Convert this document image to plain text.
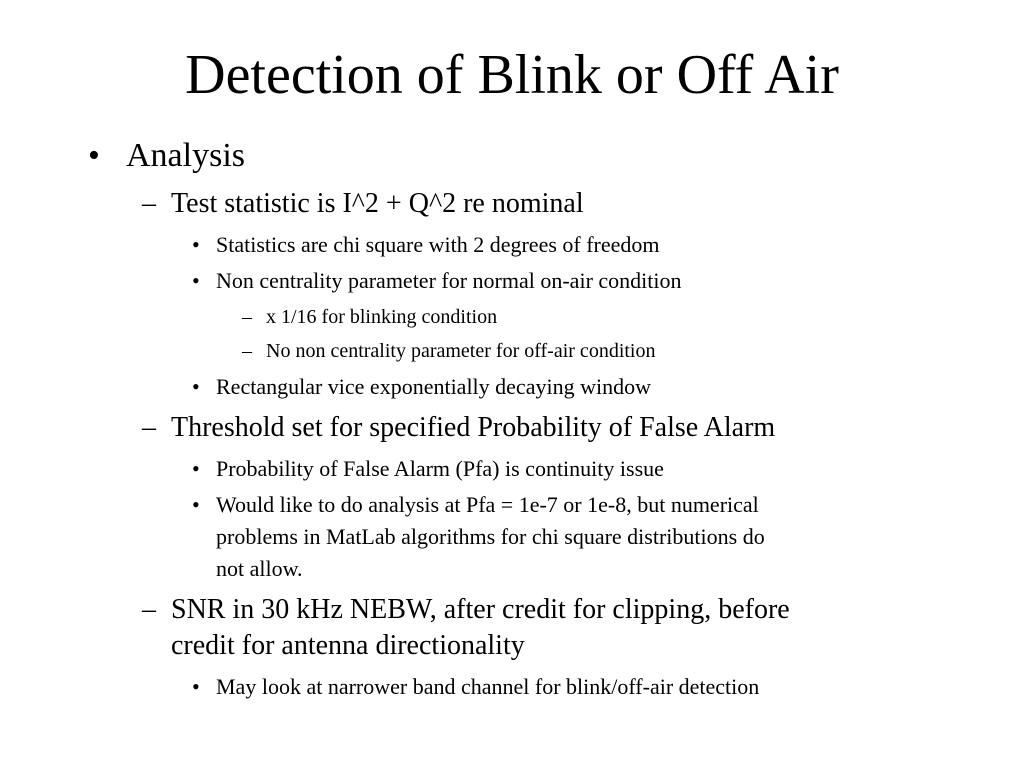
Detection of Blink or Off Air
• Analysis
– Test statistic is I^2 + Q^2 re nominal
• Statistics are chi square with 2 degrees of freedom
• Non centrality parameter for normal on-air condition
– x 1/16 for blinking condition
– No non centrality parameter for off-air condition
• Rectangular vice exponentially decaying window
– Threshold set for specified Probability of False Alarm
• Probability of False Alarm (Pfa) is continuity issue
• Would like to do analysis at Pfa = 1e-7 or 1e-8, but numerical
problems in MatLab algorithms for chi square distributions do
not allow.
– SNR in 30 kHz NEBW, after credit for clipping, before
credit for antenna directionality
• May look at narrower band channel for blink/off-air detection
